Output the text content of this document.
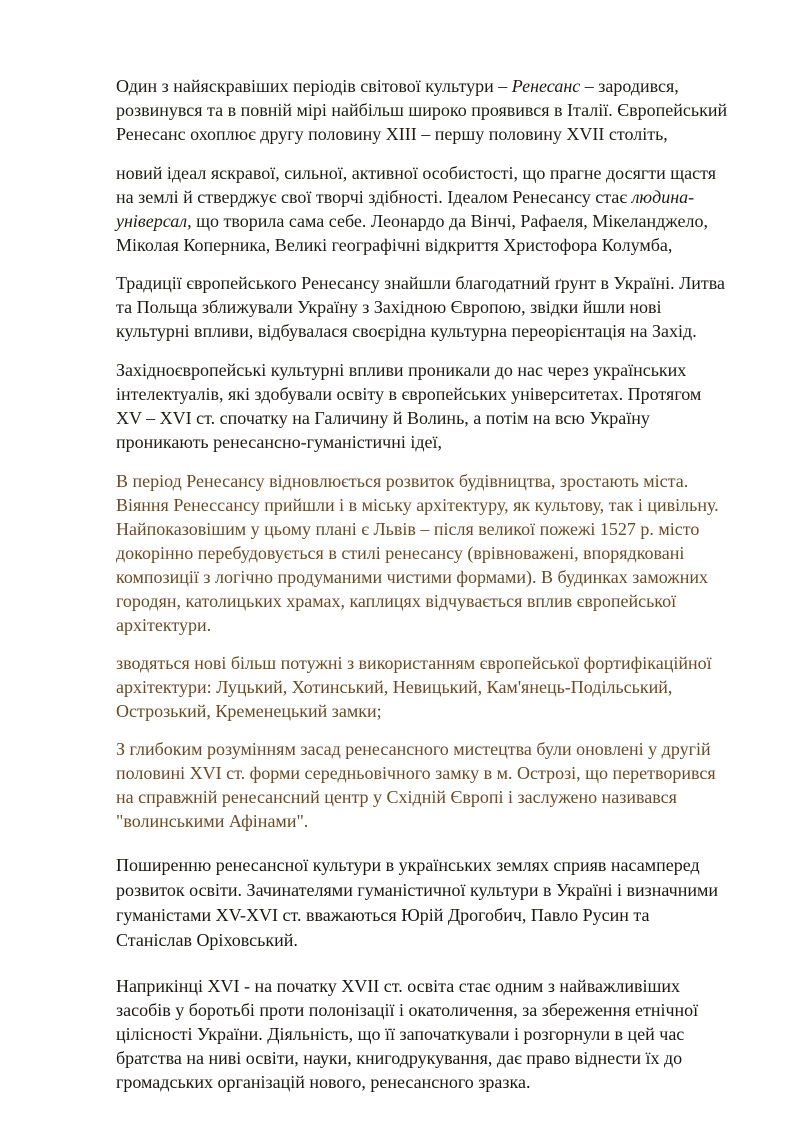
Один з найяскравіших періодів світової культури – Ренесанс – зародився, розвинувся та в повній мірі найбільш широко проявився в Італії. Європейський Ренесанс охоплює другу половину ХІІІ – першу половину XVII століть,

новий ідеал яскравої, сильної, активної особистості, що прагне досягти щастя на землі й стверджує свої творчі здібності. Ідеалом Ренесансу стає людина-універсал, що творила сама себе. Леонардо да Вінчі, Рафаеля, Мікеланджело, Міколая Коперника, Великі географічні відкриття Христофора Колумба,

Традиції європейського Ренесансу знайшли благодатний ґрунт в Україні. Литва та Польща зближували Україну з Західною Європою, звідки йшли нові культурні впливи, відбувалася своєрідна культурна переорієнтація на Захід.

Західноєвропейські культурні впливи проникали до нас через українських інтелектуалів, які здобували освіту в європейських університетах. Протягом XV – XVI ст. спочатку на Галичину й Волинь, а потім на всю Україну проникають ренесансно-гуманістичні ідеї,

В період Ренесансу відновлюється розвиток будівництва, зростають міста. Віяння Ренессансу прийшли і в міську архітектуру, як культову, так і цивільну. Найпоказовішим у цьому плані є Львів – після великої пожежі 1527 р. місто докорінно перебудовується в стилі ренесансу (врівноважені, впорядковані композиції з логічно продуманими чистими формами). В будинках заможних городян, католицьких храмах, каплицях відчувається вплив європейської архітектури.

зводяться нові більш потужні з використанням європейської фортифікаційної архітектури: Луцький, Хотинський, Невицький, Кам'янець-Подільський, Острозький, Кременецький замки;

З глибоким розумінням засад ренесансного мистецтва були оновлені у другій половині XVI ст. форми середньовічного замку в м. Острозі, що перетворився на справжній ренесансний центр у Східній Європі і заслужено називався "волинськими Афінами".

Поширенню ренесансної культури в українських землях сприяв насамперед розвиток освіти. Зачинателями гуманістичної культури в Україні і визначними гуманістами XV-XVI ст. вважаються Юрій Дрогобич, Павло Русин та Станіслав Оріховський.

Наприкінці XVI - на початку XVII ст. освіта стає одним з найважливіших засобів у боротьбі проти полонізації і окатоличення, за збереження етнічної цілісності України. Діяльність, що її започаткували і розгорнули в цей час братства на ниві освіти, науки, книгодрукування, дає право віднести їх до громадських організацій нового, ренесансного зразка.
